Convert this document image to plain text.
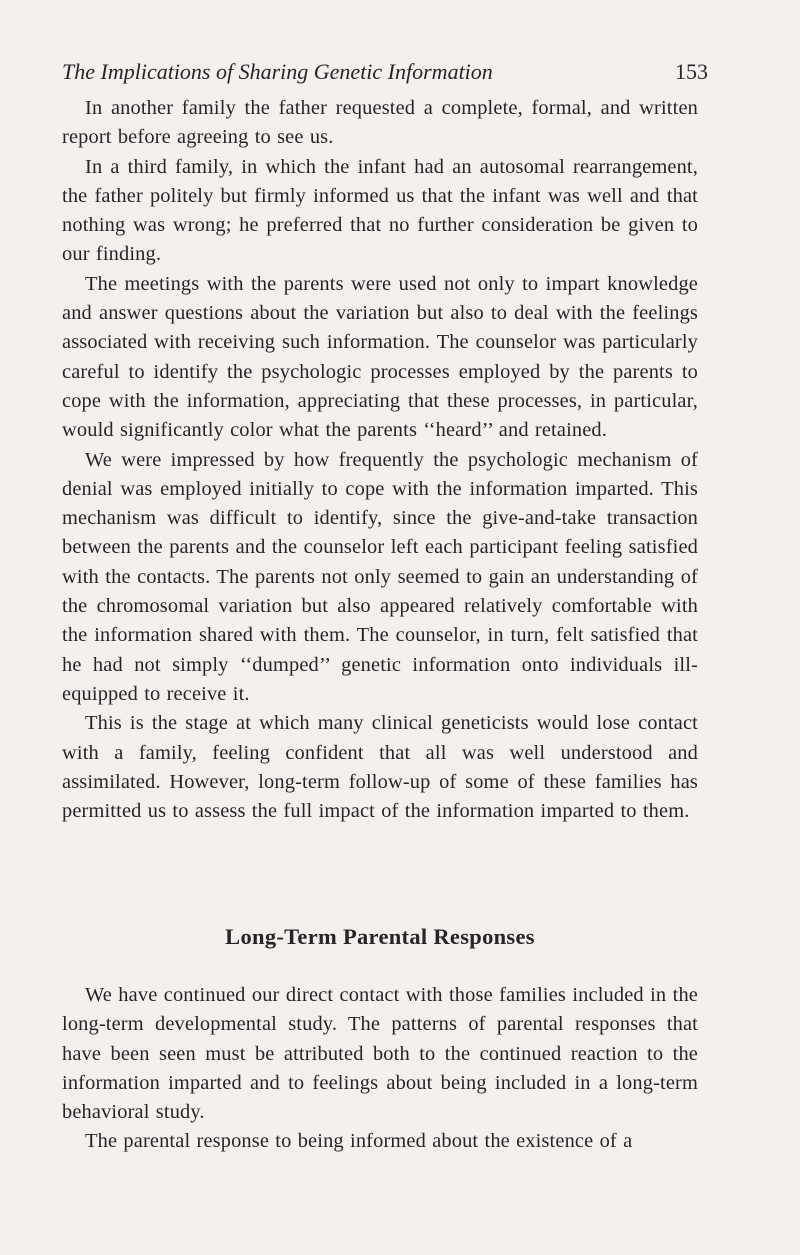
The Implications of Sharing Genetic Information	153

In another family the father requested a complete, formal, and written report before agreeing to see us.

In a third family, in which the infant had an autosomal rearrangement, the father politely but firmly informed us that the infant was well and that nothing was wrong; he preferred that no further consideration be given to our finding.

The meetings with the parents were used not only to impart knowledge and answer questions about the variation but also to deal with the feelings associated with receiving such information. The counselor was particularly careful to identify the psychologic processes employed by the parents to cope with the information, appreciating that these processes, in particular, would significantly color what the parents ‘‘heard’’ and retained.

We were impressed by how frequently the psychologic mechanism of denial was employed initially to cope with the information imparted. This mechanism was difficult to identify, since the give-and-take transaction between the parents and the counselor left each participant feeling satisfied with the contacts. The parents not only seemed to gain an understanding of the chromosomal variation but also appeared relatively comfortable with the information shared with them. The counselor, in turn, felt satisfied that he had not simply ‘‘dumped’’ genetic information onto individuals ill-equipped to receive it.

This is the stage at which many clinical geneticists would lose contact with a family, feeling confident that all was well understood and assimilated. However, long-term follow-up of some of these families has permitted us to assess the full impact of the information imparted to them.

Long-Term Parental Responses

We have continued our direct contact with those families included in the long-term developmental study. The patterns of parental responses that have been seen must be attributed both to the continued reaction to the information imparted and to feelings about being included in a long-term behavioral study.

The parental response to being informed about the existence of a
